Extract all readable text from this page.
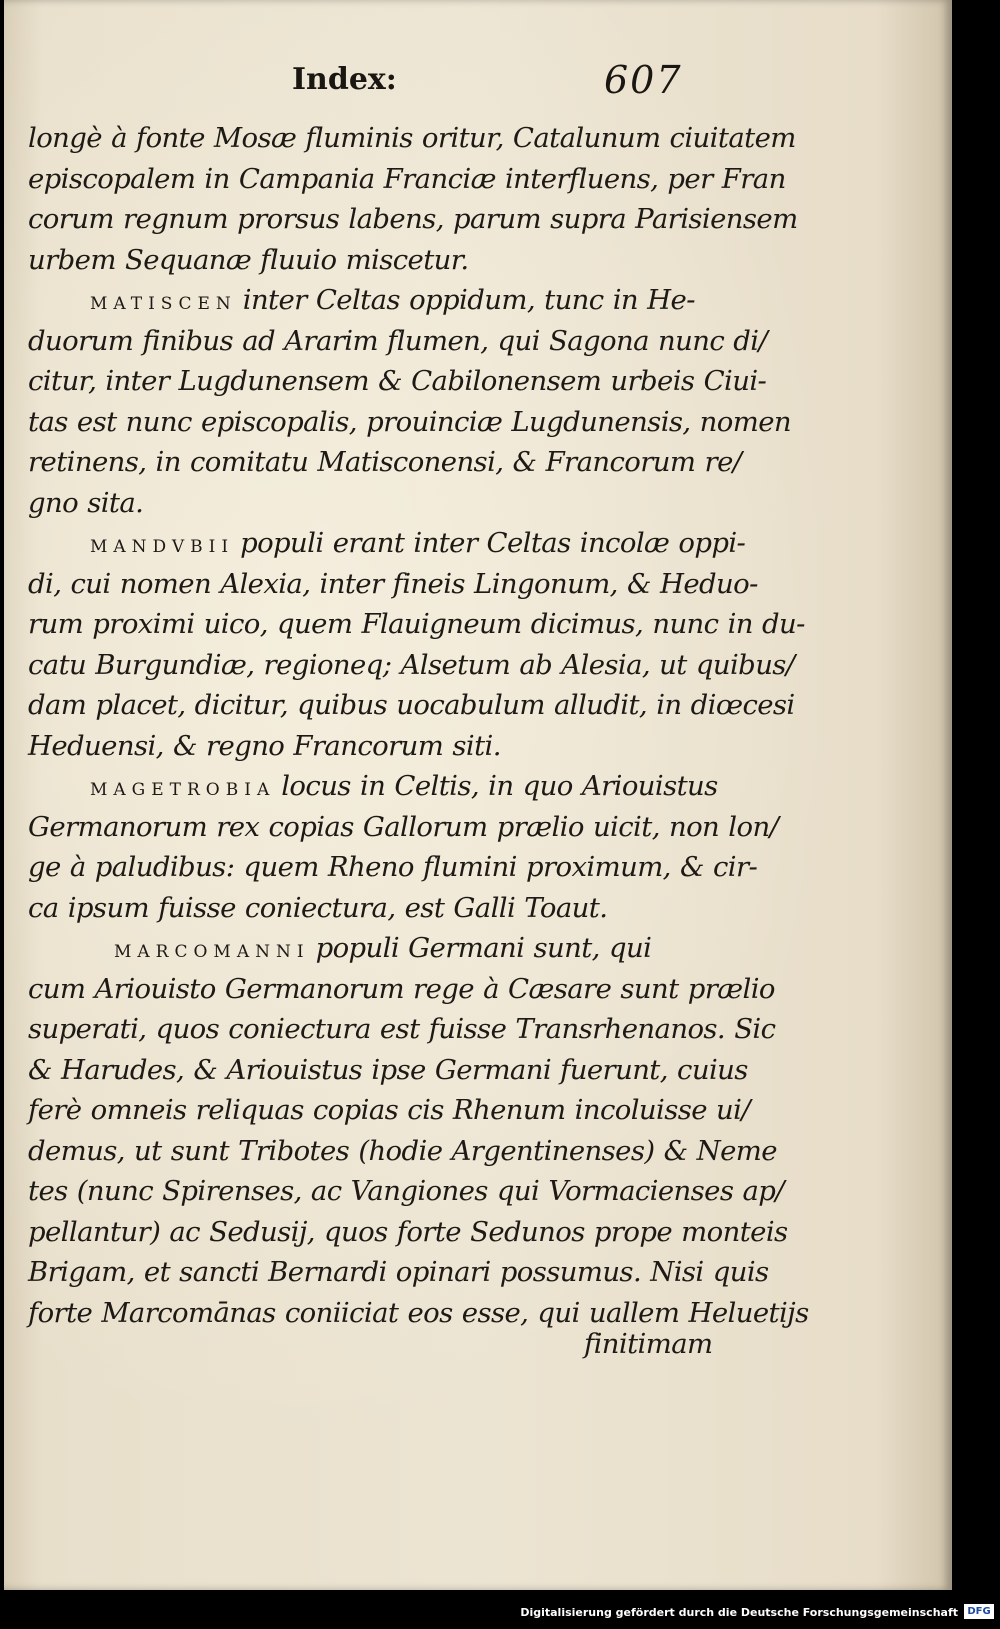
Index:	607
longè à fonte Mosæ fluminis oritur, Catalunum ciuitatem
episcopalem in Campania Franciæ interfluens, per Fran
corum regnum prorsus labens, parum supra Parisiensem
urbem Sequanæ fluuio miscetur.
MATISCEN inter Celtas oppidum, tunc in He-
duorum finibus ad Ararim flumen, qui Sagona nunc di/
citur, inter Lugdunensem & Cabilonensem urbeis Ciui-
tas est nunc episcopalis, prouinciæ Lugdunensis, nomen
retinens, in comitatu Matisconensi, & Francorum re/
gno sita.
MANDVBII populi erant inter Celtas incolæ oppi-
di, cui nomen Alexia, inter fineis Lingonum, & Heduo-
rum proximi uico, quem Flauigneum dicimus, nunc in du-
catu Burgundiæ, regioneq; Alsetum ab Alesia, ut quibus/
dam placet, dicitur, quibus uocabulum alludit, in diœcesi
Heduensi, & regno Francorum siti.
MAGETROBIA locus in Celtis, in quo Ariouistus
Germanorum rex copias Gallorum prælio uicit, non lon/
ge à paludibus: quem Rheno flumini proximum, & cir-
ca ipsum fuisse coniectura, est Galli Toaut.
MARCOMANNI populi Germani sunt, qui
cum Ariouisto Germanorum rege à Cæsare sunt prælio
superati, quos coniectura est fuisse Transrhenanos. Sic
& Harudes, & Ariouistus ipse Germani fuerunt, cuius
ferè omneis reliquas copias cis Rhenum incoluisse ui/
demus, ut sunt Tribotes (hodie Argentinenses) & Neme
tes (nunc Spirenses, ac Vangiones qui Vormacienses ap/
pellantur) ac Sedusij, quos forte Sedunos prope monteis
Brigam, et sancti Bernardi opinari possumus. Nisi quis
forte Marcomānas coniiciat eos esse, qui uallem Heluetijs
finitimam
Digitalisierung gefördert durch die Deutsche Forschungsgemeinschaft DFG
